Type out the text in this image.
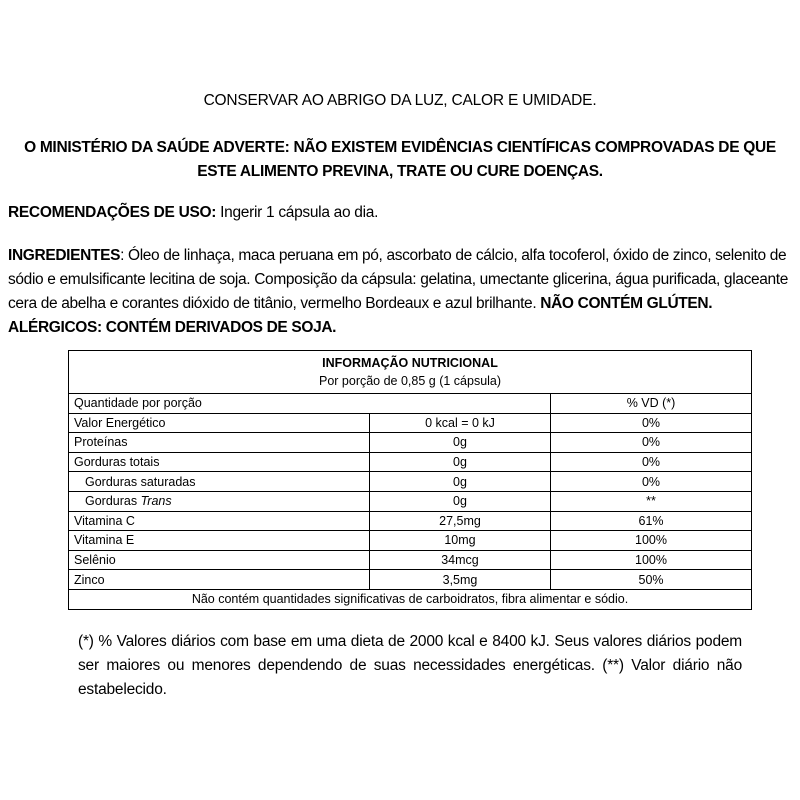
CONSERVAR AO ABRIGO DA LUZ, CALOR E UMIDADE.
O MINISTÉRIO DA SAÚDE ADVERTE: NÃO EXISTEM EVIDÊNCIAS CIENTÍFICAS COMPROVADAS DE QUE
ESTE ALIMENTO PREVINA, TRATE OU CURE DOENÇAS.
RECOMENDAÇÕES DE USO: Ingerir 1 cápsula ao dia.
INGREDIENTES: Óleo de linhaça, maca peruana em pó, ascorbato de cálcio, alfa tocoferol, óxido de zinco, selenito de sódio e emulsificante lecitina de soja. Composição da cápsula: gelatina, umectante glicerina, água purificada, glaceante cera de abelha e corantes dióxido de titânio, vermelho Bordeaux e azul brilhante. NÃO CONTÉM GLÚTEN. ALÉRGICOS: CONTÉM DERIVADOS DE SOJA.
INFORMAÇÃO NUTRICIONAL
Por porção de 0,85 g (1 cápsula)		

Quantidade por porção		% VD (*)
Valor Energético	0 kcal = 0 kJ	0%
Proteínas	0g	0%
Gorduras totais	0g	0%
Gorduras saturadas	0g	0%
Gorduras Trans	0g	**
Vitamina C	27,5mg	61%
Vitamina E	10mg	100%
Selênio	34mcg	100%
Zinco	3,5mg	50%
Não contém quantidades significativas de carboidratos, fibra alimentar e sódio.		
(*) % Valores diários com base em uma dieta de 2000 kcal e 8400 kJ. Seus valores diários podem ser maiores ou menores dependendo de suas necessidades energéticas. (**) Valor diário não estabelecido.
